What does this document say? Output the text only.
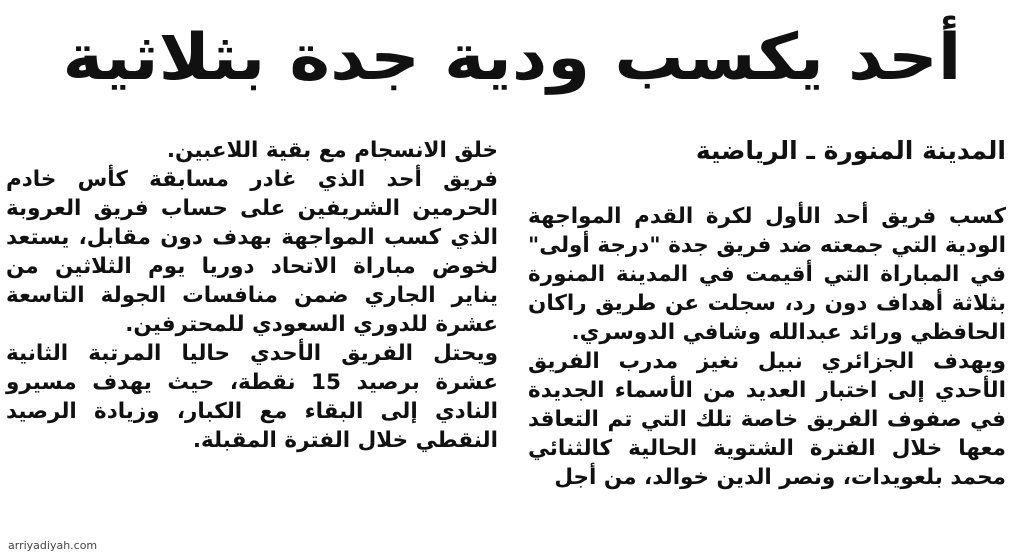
أحد يكسب ودية جدة بثلاثية
المدينة المنورة ـ الرياضية

كسب فريق أحد الأول لكرة القدم المواجهة الودية التي جمعته ضد فريق جدة "درجة أولى" في المباراة التي أقيمت في المدينة المنورة بثلاثة أهداف دون رد، سجلت عن طريق راكان الحافظي ورائد عبدالله وشافي الدوسري.

ويهدف الجزائري نبيل نغيز مدرب الفريق الأحدي إلى اختبار العديد من الأسماء الجديدة في صفوف الفريق خاصة تلك التي تم التعاقد معها خلال الفترة الشتوية الحالية كالثنائي محمد بلعويدات، ونصر الدين خوالد، من أجل

خلق الانسجام مع بقية اللاعبين.

فريق أحد الذي غادر مسابقة كأس خادم الحرمين الشريفين على حساب فريق العروبة الذي كسب المواجهة بهدف دون مقابل، يستعد لخوض مباراة الاتحاد دوريا يوم الثلاثين من يناير الجاري ضمن منافسات الجولة التاسعة عشرة للدوري السعودي للمحترفين.

ويحتل الفريق الأحدي حاليا المرتبة الثانية عشرة برصيد 15 نقطة، حيث يهدف مسيرو النادي إلى البقاء مع الكبار، وزيادة الرصيد النقطي خلال الفترة المقبلة.

arriyadiyah.com
